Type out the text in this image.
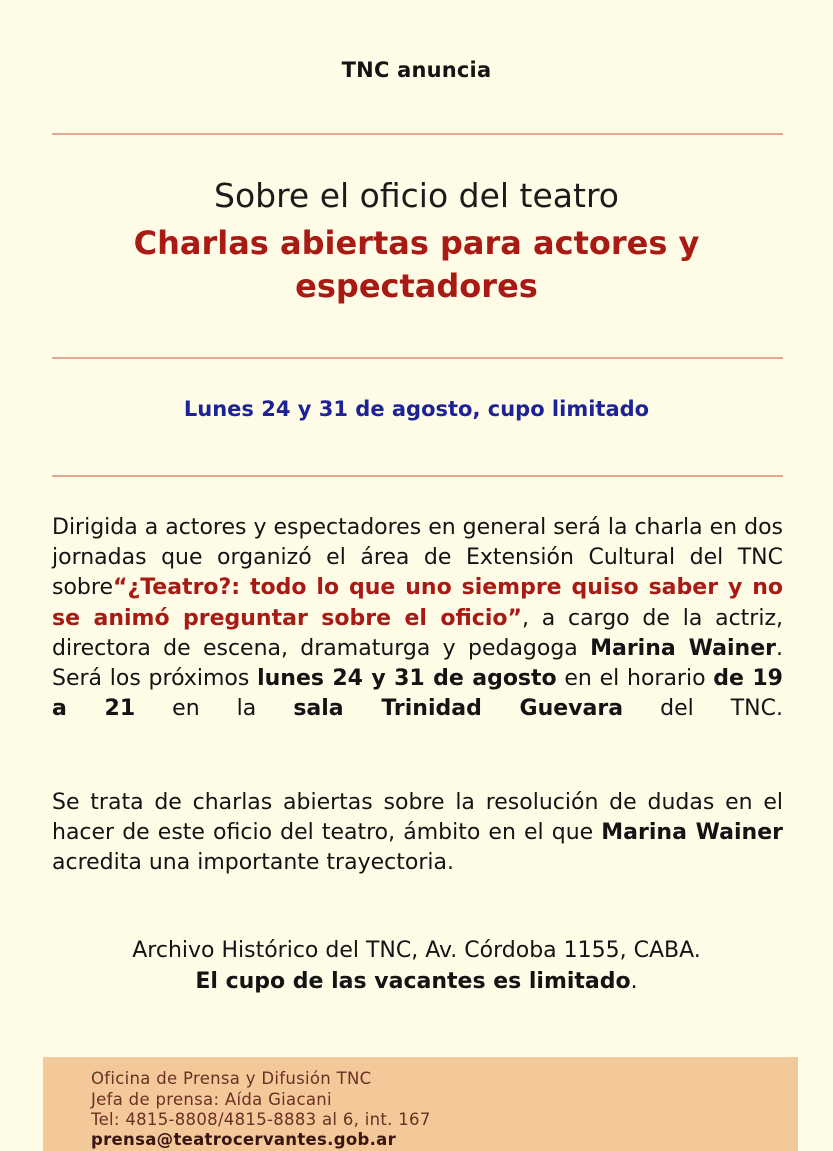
TNC anuncia
Sobre el oficio del teatro
Charlas abiertas para actores y espectadores
Lunes 24 y 31 de agosto, cupo limitado
Dirigida a actores y espectadores en general será la charla en dos jornadas que organizó el área de Extensión Cultural del TNC sobre“¿Teatro?: todo lo que uno siempre quiso saber y no se animó preguntar sobre el oficio”, a cargo de la actriz, directora de escena, dramaturga y pedagoga Marina Wainer. Será los próximos lunes 24 y 31 de agosto en el horario de 19 a 21 en la sala Trinidad Guevara del TNC.
Se trata de charlas abiertas sobre la resolución de dudas en el hacer de este oficio del teatro, ámbito en el que Marina Wainer acredita una importante trayectoria.
Archivo Histórico del TNC, Av. Córdoba 1155, CABA.
El cupo de las vacantes es limitado.
Oficina de Prensa y Difusión TNC
Jefa de prensa: Aída Giacani
Tel: 4815-8808/4815-8883 al 6, int. 167
prensa@teatrocervantes.gob.ar
